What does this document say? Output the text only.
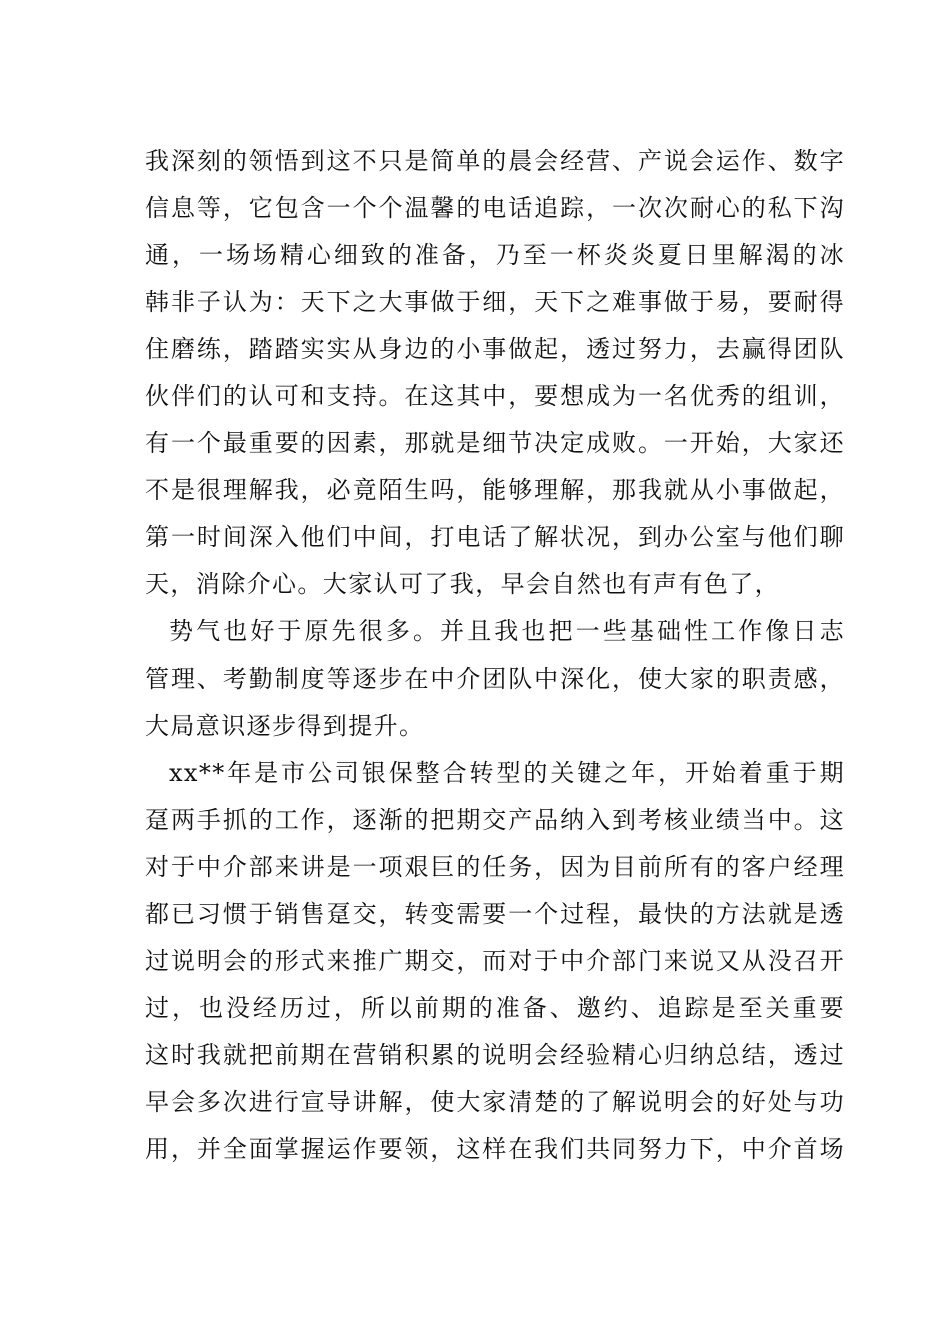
我深刻的领悟到这不只是简单的晨会经营、产说会运作、数字
信息等，它包含一个个温馨的电话追踪，一次次耐心的私下沟
通，一场场精心细致的准备，乃至一杯炎炎夏日里解渴的冰
韩非子认为：天下之大事做于细，天下之难事做于易，要耐得
住磨练，踏踏实实从身边的小事做起，透过努力，去赢得团队
伙伴们的认可和支持。在这其中，要想成为一名优秀的组训，
有一个最重要的因素，那就是细节决定成败。一开始，大家还
不是很理解我，必竟陌生吗，能够理解，那我就从小事做起，
第一时间深入他们中间，打电话了解状况，到办公室与他们聊
天，消除介心。大家认可了我，早会自然也有声有色了，
势气也好于原先很多。并且我也把一些基础性工作像日志
管理、考勤制度等逐步在中介团队中深化，使大家的职责感，
大局意识逐步得到提升。
xx**年是市公司银保整合转型的关键之年，开始着重于期
趸两手抓的工作，逐渐的把期交产品纳入到考核业绩当中。这
对于中介部来讲是一项艰巨的任务，因为目前所有的客户经理
都已习惯于销售趸交，转变需要一个过程，最快的方法就是透
过说明会的形式来推广期交，而对于中介部门来说又从没召开
过，也没经历过，所以前期的准备、邀约、追踪是至关重要
这时我就把前期在营销积累的说明会经验精心归纳总结，透过
早会多次进行宣导讲解，使大家清楚的了解说明会的好处与功
用，并全面掌握运作要领，这样在我们共同努力下，中介首场
